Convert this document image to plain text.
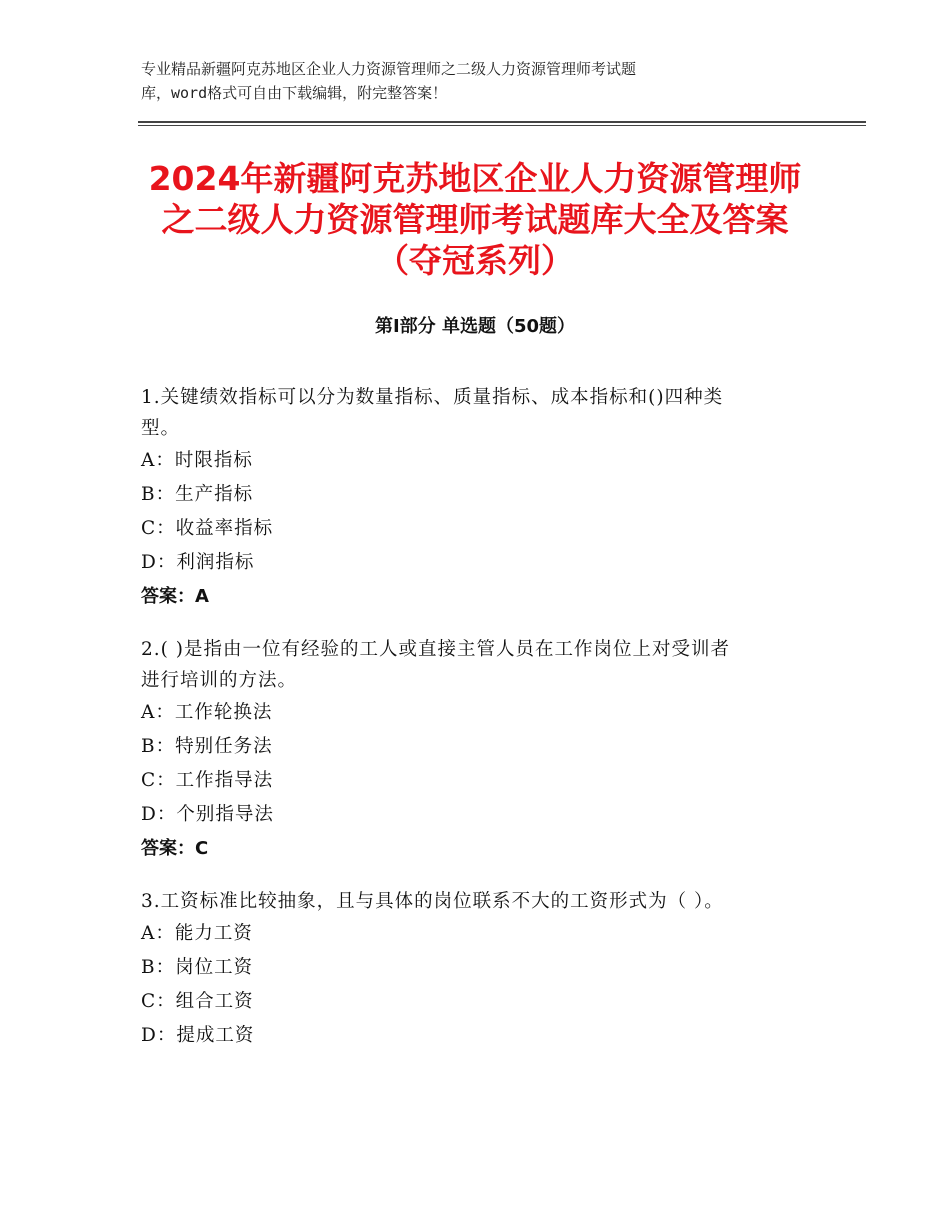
专业精品新疆阿克苏地区企业人力资源管理师之二级人力资源管理师考试题
库，word格式可自由下载编辑，附完整答案！
2024年新疆阿克苏地区企业人力资源管理师
之二级人力资源管理师考试题库大全及答案
（夺冠系列）
第Ⅰ部分 单选题（50题）
1.关键绩效指标可以分为数量指标、质量指标、成本指标和()四种类
型。
A：时限指标
B：生产指标
C：收益率指标
D：利润指标
答案：A
2.( )是指由一位有经验的工人或直接主管人员在工作岗位上对受训者
进行培训的方法。
A：工作轮换法
B：特别任务法
C：工作指导法
D：个别指导法
答案：C
3.工资标准比较抽象，且与具体的岗位联系不大的工资形式为（ ）。
A：能力工资
B：岗位工资
C：组合工资
D：提成工资
